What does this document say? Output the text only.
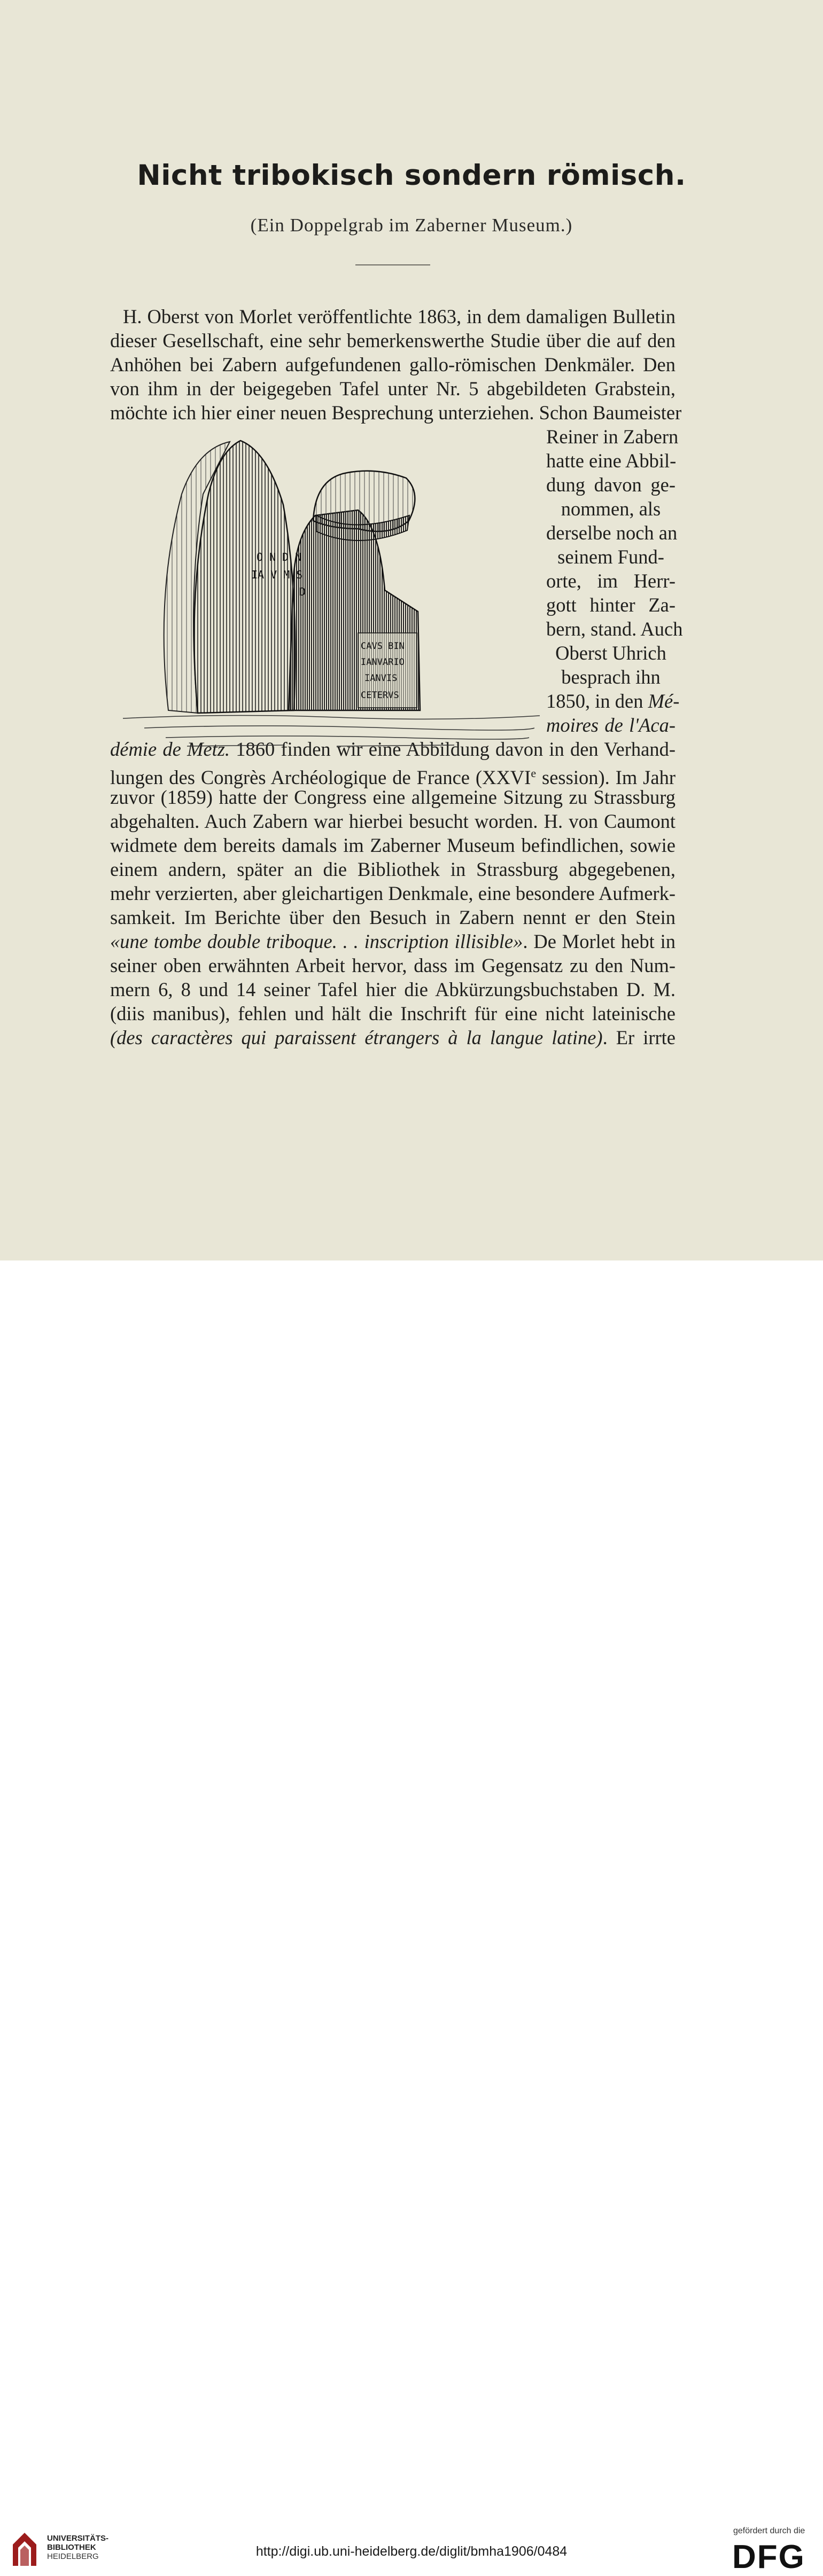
Nicht tribokisch sondern römisch.
(Ein Doppelgrab im Zaberner Museum.)
H. Oberst von Morlet veröffentlichte 1863, in dem damaligen Bulletin
dieser Gesellschaft, eine sehr bemerkenswerthe Studie über die auf den
Anhöhen bei Zabern aufgefundenen gallo-römischen Denkmäler. Den
von ihm in der beigegeben Tafel unter Nr. 5 abgebildeten Grabstein,
möchte ich hier einer neuen Besprechung unterziehen. Schon Baumeister
Reiner in Zabern
hatte eine Abbil-
dung davon ge-
nommen, als
derselbe noch an
seinem Fund-
orte, im Herr-
gott hinter Za-
bern, stand. Auch
Oberst Uhrich
besprach ihn
1850, in den Mé-
moires de l'Aca-
démie de Metz. 1860 finden wir eine Abbildung davon in den Verhand-
lungen des Congrès Archéologique de France (XXVIe session). Im Jahr
zuvor (1859) hatte der Congress eine allgemeine Sitzung zu Strassburg
abgehalten. Auch Zabern war hierbei besucht worden. H. von Caumont
widmete dem bereits damals im Zaberner Museum befindlichen, sowie
einem andern, später an die Bibliothek in Strassburg abgegebenen,
mehr verzierten, aber gleichartigen Denkmale, eine besondere Aufmerk-
samkeit. Im Berichte über den Besuch in Zabern nennt er den Stein
«une tombe double triboque. . . inscription illisible». De Morlet hebt in
seiner oben erwähnten Arbeit hervor, dass im Gegensatz zu den Num-
mern 6, 8 und 14 seiner Tafel hier die Abkürzungsbuchstaben D. M.
(diis manibus), fehlen und hält die Inschrift für eine nicht lateinische
(des caractères qui paraissent étrangers à la langue latine). Er irrte
O N D N
IA V M S
D
CAVS BIN
IANVARIO
IANVIS
CETERVS
UNIVERSITÄTS-
BIBLIOTHEK
HEIDELBERG	http://digi.ub.uni-heidelberg.de/diglit/bmha1906/0484
gefördert durch die
DFG
